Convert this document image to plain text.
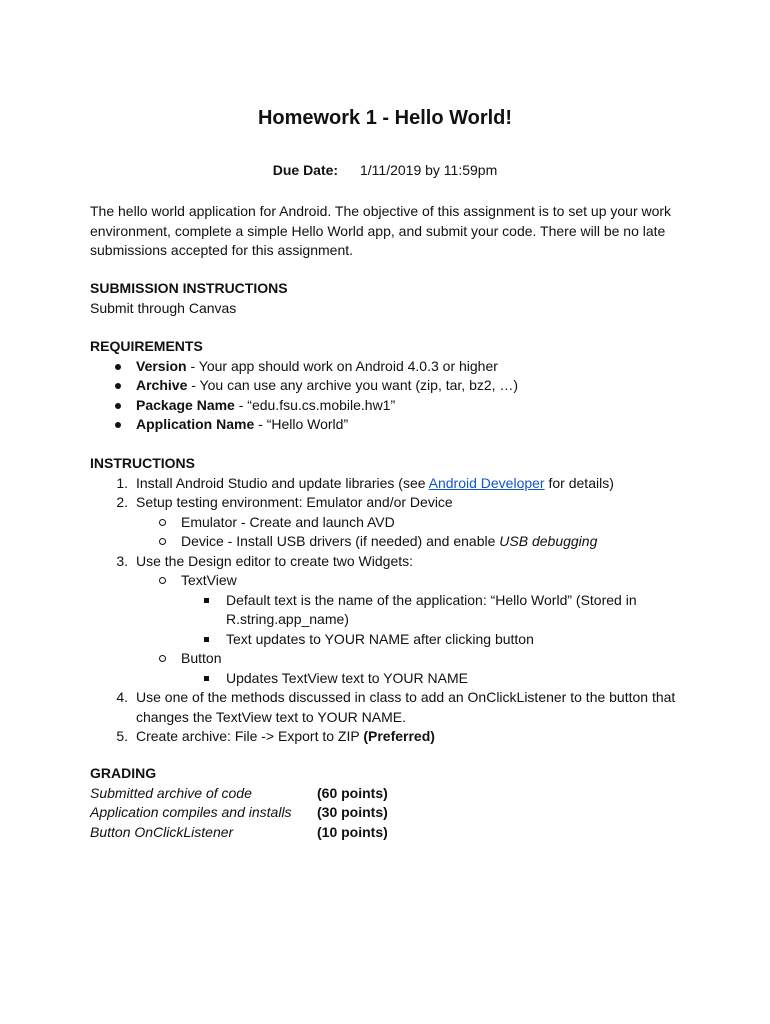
Homework 1 - Hello World!

Due Date: 1/11/2019 by 11:59pm

The hello world application for Android. The objective of this assignment is to set up your work environment, complete a simple Hello World app, and submit your code. There will be no late submissions accepted for this assignment.

SUBMISSION INSTRUCTIONS

Submit through Canvas

REQUIREMENTS

Version - Your app should work on Android 4.0.3 or higher

Archive - You can use any archive you want (zip, tar, bz2, …)

Package Name - “edu.fsu.cs.mobile.hw1”

Application Name - “Hello World”

INSTRUCTIONS

1. Install Android Studio and update libraries (see Android Developer for details)

2. Setup testing environment: Emulator and/or Device

Emulator - Create and launch AVD

Device - Install USB drivers (if needed) and enable USB debugging

3. Use the Design editor to create two Widgets:

TextView

Default text is the name of the application: “Hello World” (Stored in

R.string.app_name)

Text updates to YOUR NAME after clicking button

Button

Updates TextView text to YOUR NAME

4. Use one of the methods discussed in class to add an OnClickListener to the button that

changes the TextView text to YOUR NAME.

5. Create archive: File -> Export to ZIP (Preferred)

GRADING

Submitted archive of code	(60 points)
Application compiles and installs (30 points)
Button OnClickListener	(10 points)
